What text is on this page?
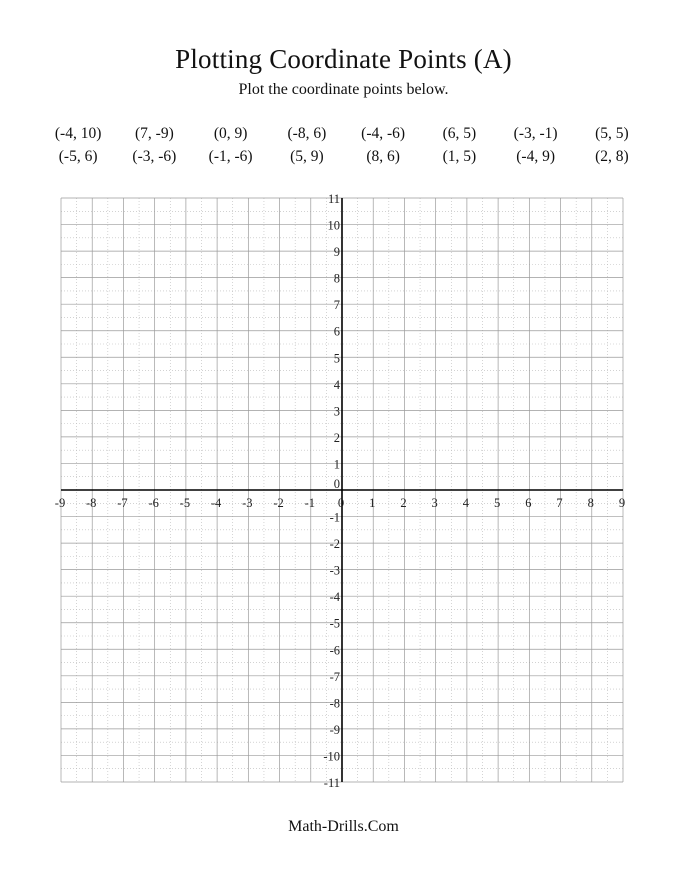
Plotting Coordinate Points (A)
Plot the coordinate points below.
(-4, 10)	(7, -9)	(0, 9)	(-8, 6)	(-4, -6)	(6, 5)	(-3, -1)	(5, 5)
(-5, 6)	(-3, -6)	(-1, -6)	(5, 9)	(8, 6)	(1, 5)	(-4, 9)	(2, 8)
-9 -8 -7 -6 -5 -4 -3 -2 -1 0 1 2 3 4 5 6 7 8 9
11
10
9
8
7
6
5
4
3
2
1
-1
-2
-3
-4
-5
-6
-7
-8
-9
-10
-11
0
Math-Drills.Com
